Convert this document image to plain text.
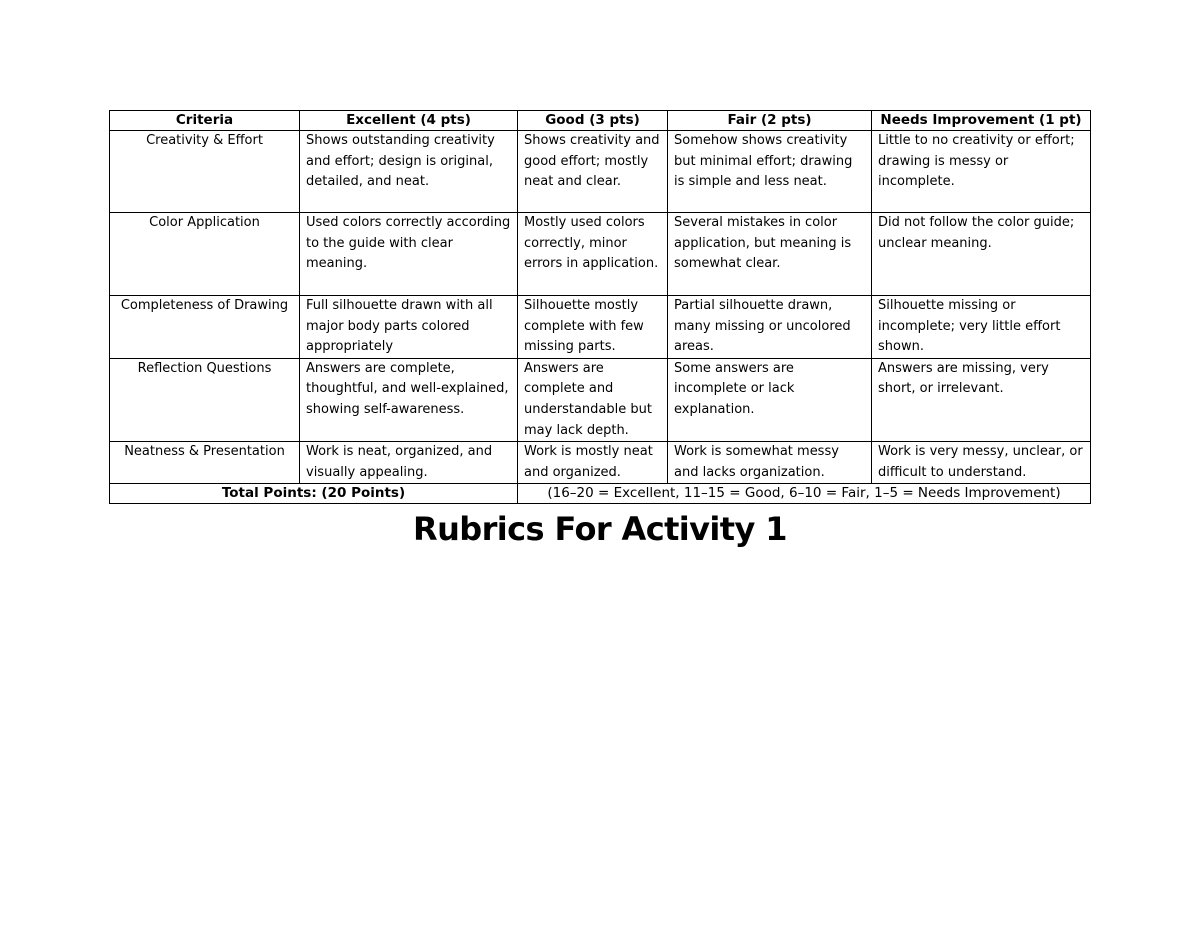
Criteria	Excellent (4 pts)	Good (3 pts)	Fair (2 pts)	Needs Improvement (1 pt)
Creativity & Effort	Shows outstanding creativity and effort; design is original, detailed, and neat.	Shows creativity and good effort; mostly neat and clear.	Somehow shows creativity but minimal effort; drawing is simple and less neat.	Little to no creativity or effort; drawing is messy or incomplete.
Color Application	Used colors correctly according to the guide with clear meaning.	Mostly used colors correctly, minor errors in application.	Several mistakes in color application, but meaning is somewhat clear.	Did not follow the color guide; unclear meaning.
Completeness of Drawing	Full silhouette drawn with all major body parts colored appropriately	Silhouette mostly complete with few missing parts.	Partial silhouette drawn, many missing or uncolored areas.	Silhouette missing or incomplete; very little effort shown.
Reflection Questions	Answers are complete, thoughtful, and well-explained, showing self-awareness.	Answers are complete and understandable but may lack depth.	Some answers are incomplete or lack explanation.	Answers are missing, very short, or irrelevant.
Neatness & Presentation	Work is neat, organized, and visually appealing.	Work is mostly neat and organized.	Work is somewhat messy and lacks organization.	Work is very messy, unclear, or difficult to understand.
Total Points: (20 Points)		(16–20 = Excellent, 11–15 = Good, 6–10 = Fair, 1–5 = Needs Improvement)		
Rubrics For Activity 1
